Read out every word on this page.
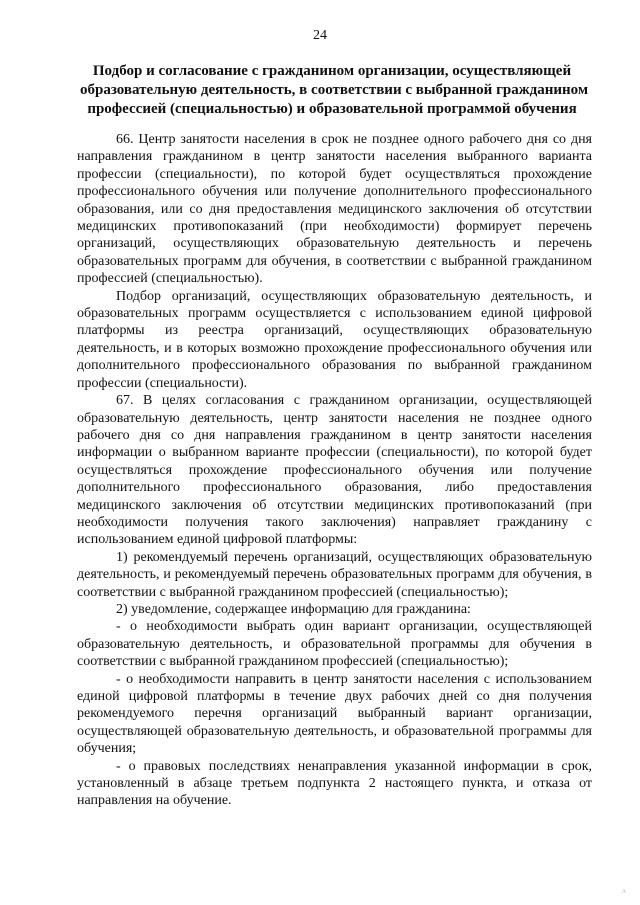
24
Подбор и согласование с гражданином организации, осуществляющей
образовательную деятельность, в соответствии с выбранной гражданином
профессией (специальностью) и образовательной программой обучения
66. Центр занятости населения в срок не позднее одного рабочего дня со дня направления гражданином в центр занятости населения выбранного варианта профессии (специальности), по которой будет осуществляться прохождение профессионального обучения или получение дополнительного профессионального образования, или со дня предоставления медицинского заключения об отсутствии медицинских противопоказаний (при необходимости) формирует перечень организаций, осуществляющих образовательную деятельность и перечень образовательных программ для обучения, в соответствии с выбранной гражданином профессией (специальностью).
Подбор организаций, осуществляющих образовательную деятельность, и образовательных программ осуществляется с использованием единой цифровой платформы из реестра организаций, осуществляющих образовательную деятельность, и в которых возможно прохождение профессионального обучения или дополнительного профессионального образования по выбранной гражданином профессии (специальности).
67. В целях согласования с гражданином организации, осуществляющей образовательную деятельность, центр занятости населения не позднее одного рабочего дня со дня направления гражданином в центр занятости населения информации о выбранном варианте профессии (специальности), по которой будет осуществляться прохождение профессионального обучения или получение дополнительного профессионального образования, либо предоставления медицинского заключения об отсутствии медицинских противопоказаний (при необходимости получения такого заключения) направляет гражданину с использованием единой цифровой платформы:
1) рекомендуемый перечень организаций, осуществляющих образовательную деятельность, и рекомендуемый перечень образовательных программ для обучения, в соответствии с выбранной гражданином профессией (специальностью);
2) уведомление, содержащее информацию для гражданина:
- о необходимости выбрать один вариант организации, осуществляющей образовательную деятельность, и образовательной программы для обучения в соответствии с выбранной гражданином профессией (специальностью);
- о необходимости направить в центр занятости населения с использованием единой цифровой платформы в течение двух рабочих дней со дня получения рекомендуемого перечня организаций выбранный вариант организации, осуществляющей образовательную деятельность, и образовательной программы для обучения;
- о правовых последствиях ненаправления указанной информации в срок, установленный в абзаце третьем подпункта 2 настоящего пункта, и отказа от направления на обучение.
ʌ
